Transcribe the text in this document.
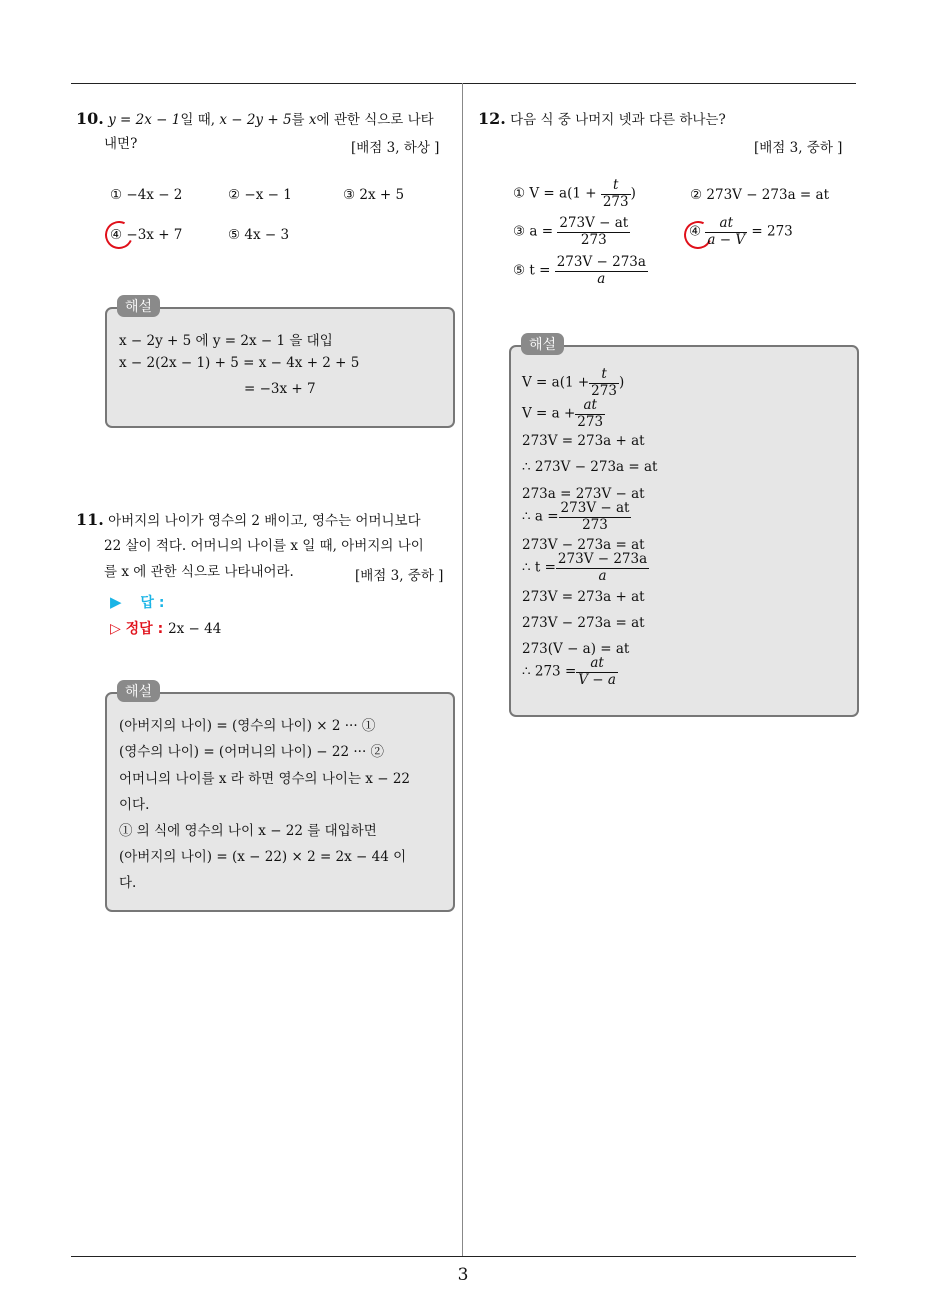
3
10. y = 2x − 1일 때, x − 2y + 5를 x에 관한 식으로 나타
내면?	[배점 3, 하상 ]
① −4x − 2	② −x − 1	③ 2x + 5
④ −3x + 7	⑤ 4x − 3
해설
x − 2y + 5 에 y = 2x − 1 을 대입
x − 2(2x − 1) + 5 = x − 4x + 2 + 5
= −3x + 7
11. 아버지의 나이가 영수의 2 배이고, 영수는 어머니보다
22 살이 적다. 어머니의 나이를 x 일 때, 아버지의 나이
를 x 에 관한 식으로 나타내어라.	[배점 3, 중하 ]
▶ 답 :
▷ 정답 : 2x − 44
해설
(아버지의 나이) = (영수의 나이) × 2 ··· ①
(영수의 나이) = (어머니의 나이) − 22 ··· ②
어머니의 나이를 x 라 하면 영수의 나이는 x − 22
이다.
① 의 식에 영수의 나이 x − 22 를 대입하면
(아버지의 나이) = (x − 22) × 2 = 2x − 44 이
다.
12. 다음 식 중 나머지 넷과 다른 하나는?
[배점 3, 중하 ]
① $V = a(1 + \frac{t}{273}$ )	② 273V − 273a = at
③ $a = \frac{273V - at}{273}$	④ $\frac{at}{a - V} = 273$
⑤ $t = \frac{273V - 273a}{a}$
해설
$V = a(1 + \frac{t}{273}$ )
$V = a + \frac{at}{273}$
273V = 273a + at
∴ 273V − 273a = at
273a = 273V − at
∴ $a = \frac{273V - at}{273}$
273V − 273a = at
∴ $t = \frac{273V - 273a}{a}$
273V = 273a + at
273V − 273a = at
273(V − a) = at
∴ $273 = \frac{at}{V - a}$
